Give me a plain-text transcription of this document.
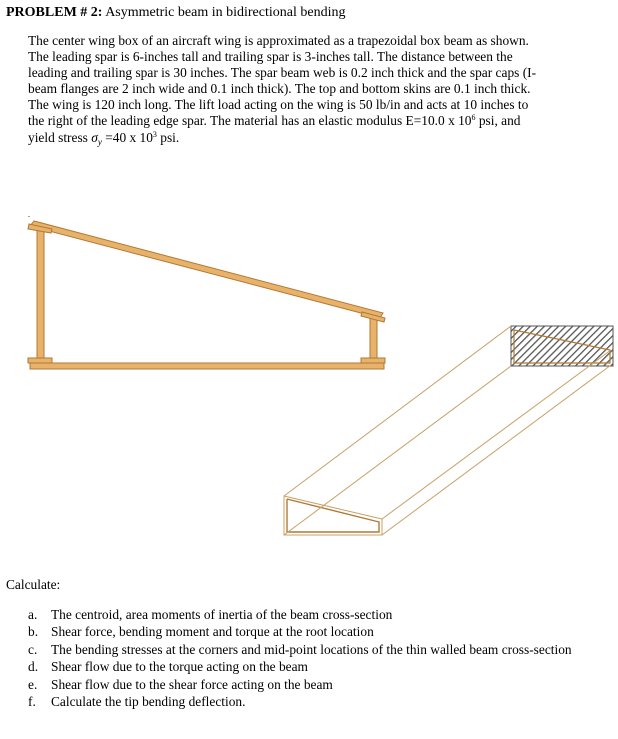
PROBLEM # 2: Asymmetric beam in bidirectional bending
The center wing box of an aircraft wing is approximated as a trapezoidal box beam as shown.
The leading spar is 6-inches tall and trailing spar is 3-inches tall. The distance between the
leading and trailing spar is 30 inches. The spar beam web is 0.2 inch thick and the spar caps (I-
beam flanges are 2 inch wide and 0.1 inch thick). The top and bottom skins are 0.1 inch thick.
The wing is 120 inch long. The lift load acting on the wing is 50 lb/in and acts at 10 inches to
the right of the leading edge spar. The material has an elastic modulus E=10.0 x $10^6$ psi, and
yield stress $\sigma_y =40$ x $10^3$ psi.
.
Calculate:
a. The centroid, area moments of inertia of the beam cross-section
b. Shear force, bending moment and torque at the root location
c. The bending stresses at the corners and mid-point locations of the thin walled beam cross-section
d. Shear flow due to the torque acting on the beam
e. Shear flow due to the shear force acting on the beam
f. Calculate the tip bending deflection.
